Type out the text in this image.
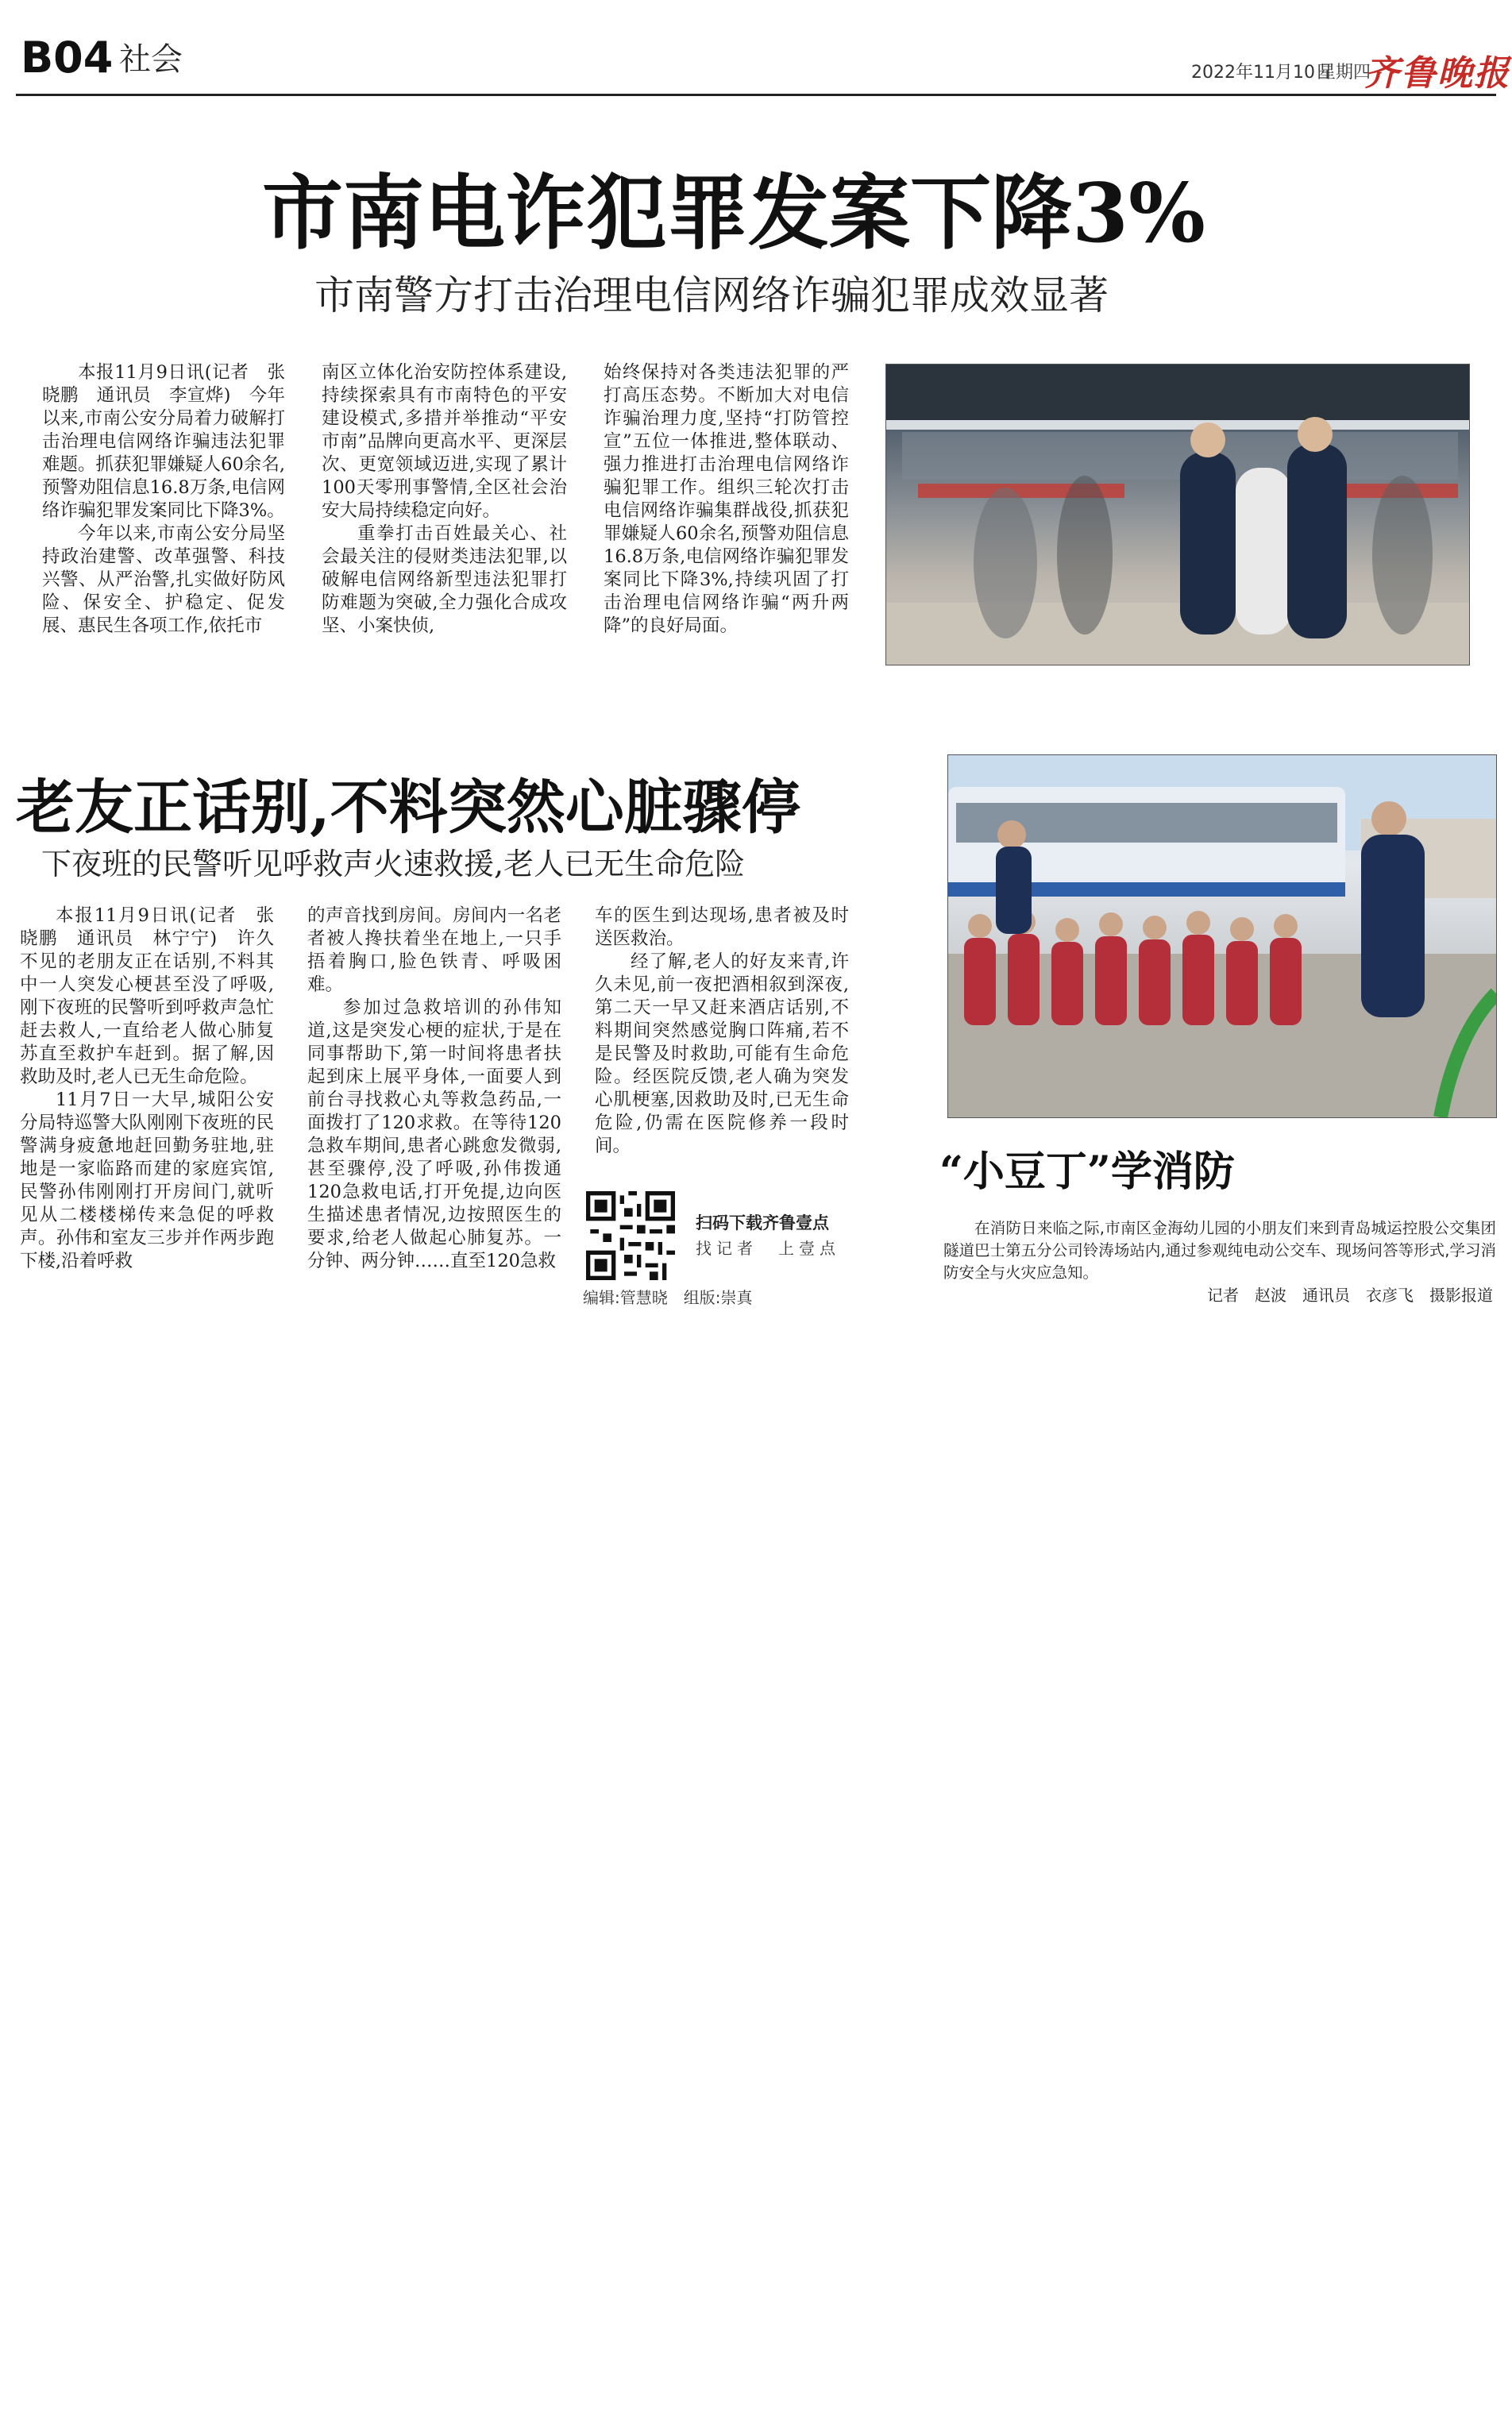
B04 社会	2022年11月10日
星期四
齐鲁晚报
市南电诈犯罪发案下降3%
市南警方打击治理电信网络诈骗犯罪成效显著

本报11月9日讯(记者　张晓鹏　通讯员　李宣烨)　今年以来,市南公安分局着力破解打击治理电信网络诈骗违法犯罪难题。抓获犯罪嫌疑人60余名,预警劝阻信息16.8万条,电信网络诈骗犯罪发案同比下降3%。

今年以来,市南公安分局坚持政治建警、改革强警、科技兴警、从严治警,扎实做好防风险、保安全、护稳定、促发展、惠民生各项工作,依托市

南区立体化治安防控体系建设,持续探索具有市南特色的平安建设模式,多措并举推动“平安市南”品牌向更高水平、更深层次、更宽领域迈进,实现了累计100天零刑事警情,全区社会治安大局持续稳定向好。

重拳打击百姓最关心、社会最关注的侵财类违法犯罪,以破解电信网络新型违法犯罪打防难题为突破,全力强化合成攻坚、小案快侦,

始终保持对各类违法犯罪的严打高压态势。不断加大对电信诈骗治理力度,坚持“打防管控宣”五位一体推进,整体联动、强力推进打击治理电信网络诈骗犯罪工作。组织三轮次打击电信网络诈骗集群战役,抓获犯罪嫌疑人60余名,预警劝阻信息16.8万条,电信网络诈骗犯罪发案同比下降3%,持续巩固了打击治理电信网络诈骗“两升两降”的良好局面。

老友正话别,不料突然心脏骤停
下夜班的民警听见呼救声火速救援,老人已无生命危险

本报11月9日讯(记者　张晓鹏　通讯员　林宁宁)　许久不见的老朋友正在话别,不料其中一人突发心梗甚至没了呼吸,刚下夜班的民警听到呼救声急忙赶去救人,一直给老人做心肺复苏直至救护车赶到。据了解,因救助及时,老人已无生命危险。

11月7日一大早,城阳公安分局特巡警大队刚刚下夜班的民警满身疲惫地赶回勤务驻地,驻地是一家临路而建的家庭宾馆,民警孙伟刚刚打开房间门,就听见从二楼楼梯传来急促的呼救声。孙伟和室友三步并作两步跑下楼,沿着呼救

的声音找到房间。房间内一名老者被人搀扶着坐在地上,一只手捂着胸口,脸色铁青、呼吸困难。

参加过急救培训的孙伟知道,这是突发心梗的症状,于是在同事帮助下,第一时间将患者扶起到床上展平身体,一面要人到前台寻找救心丸等救急药品,一面拨打了120求救。在等待120急救车期间,患者心跳愈发微弱,甚至骤停,没了呼吸,孙伟拨通120急救电话,打开免提,边向医生描述患者情况,边按照医生的要求,给老人做起心肺复苏。一分钟、两分钟……直至120急救

车的医生到达现场,患者被及时送医救治。

经了解,老人的好友来青,许久未见,前一夜把酒相叙到深夜,第二天一早又赶来酒店话别,不料期间突然感觉胸口阵痛,若不是民警及时救助,可能有生命危险。经医院反馈,老人确为突发心肌梗塞,因救助及时,已无生命危险,仍需在医院修养一段时间。

扫码下载齐鲁壹点
找记者　上壹点
编辑:管慧晓　组版:崇真
“小豆丁”学消防

在消防日来临之际,市南区金海幼儿园的小朋友们来到青岛城运控股公交集团隧道巴士第五分公司铃涛场站内,通过参观纯电动公交车、现场问答等形式,学习消防安全与火灾应急知。

记者　赵波　通讯员　衣彦飞　摄影报道
